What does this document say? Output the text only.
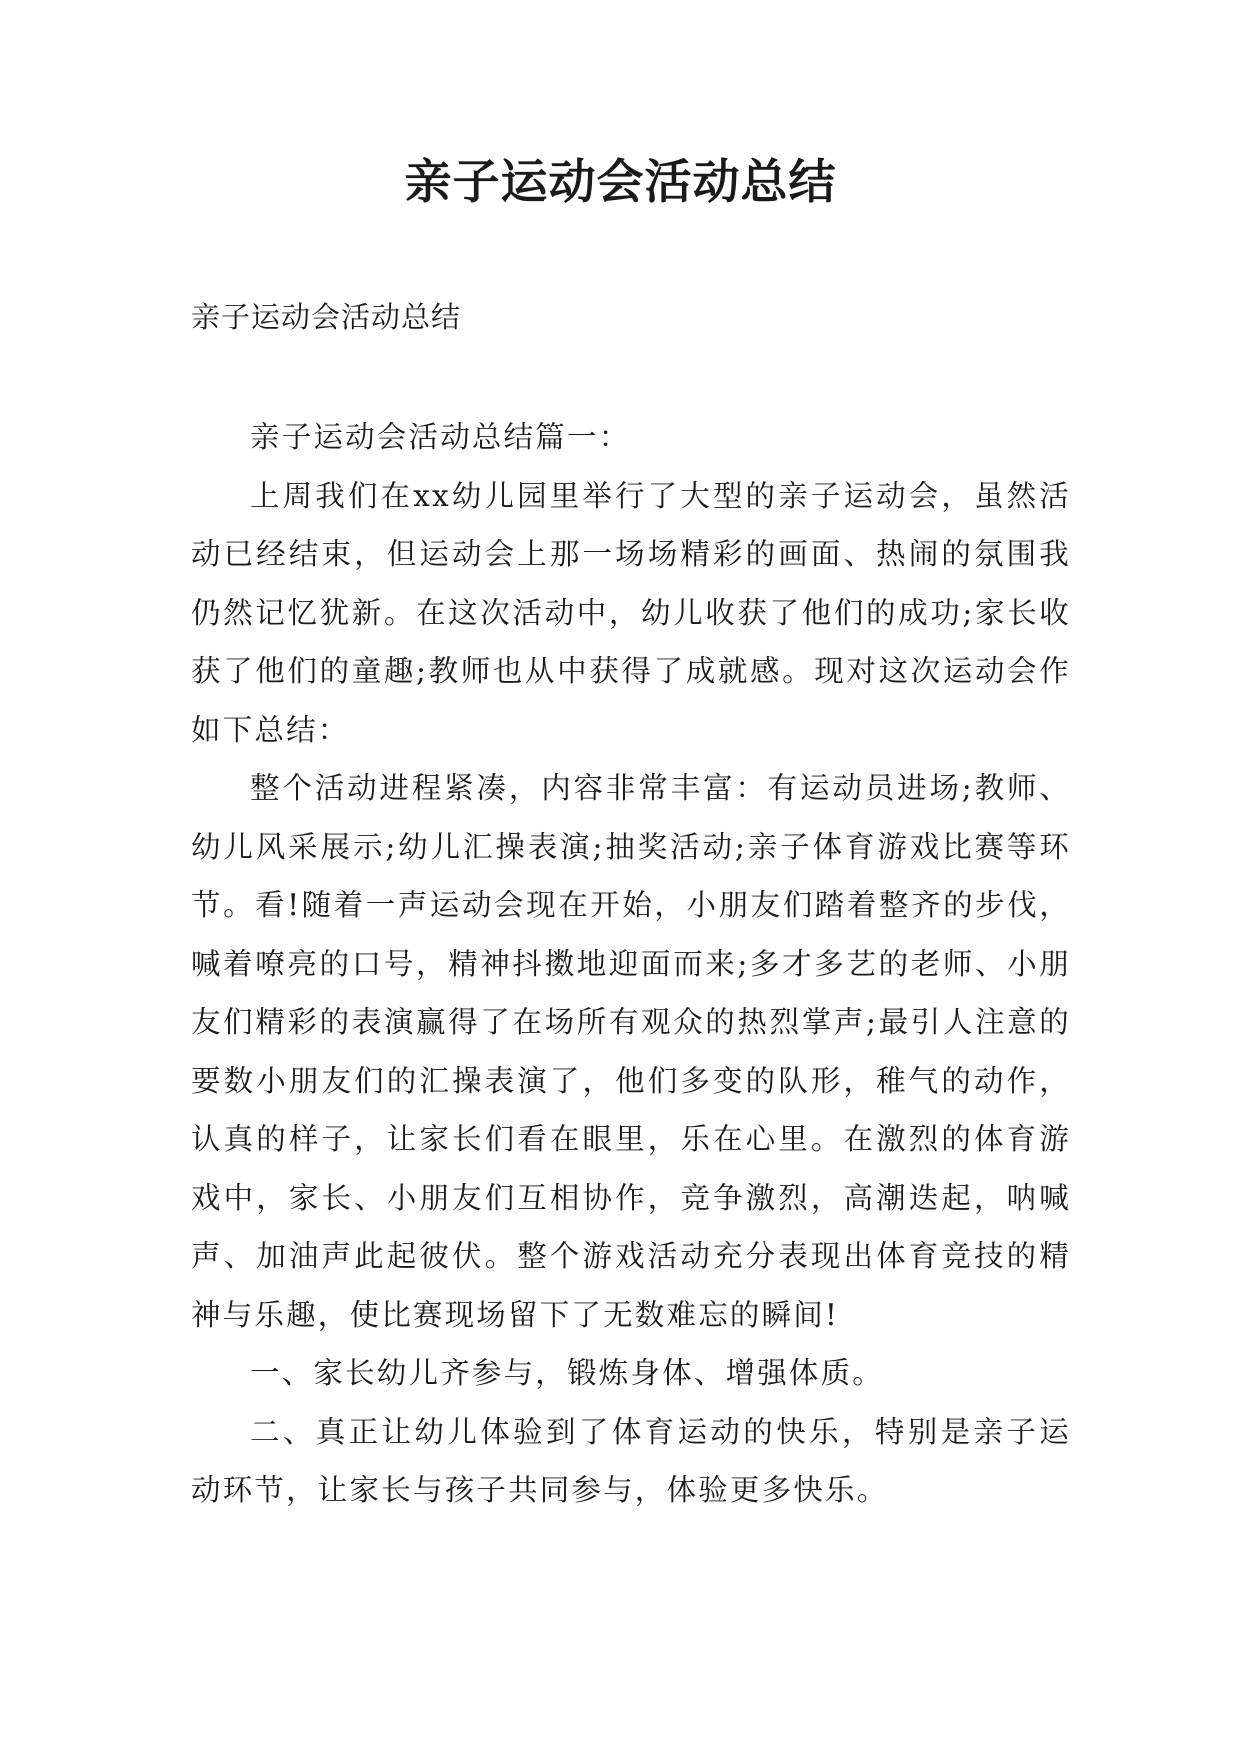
亲子运动会活动总结

亲子运动会活动总结

亲子运动会活动总结篇一：

上周我们在xx幼儿园里举行了大型的亲子运动会，虽然活动已经结束，但运动会上那一场场精彩的画面、热闹的氛围我仍然记忆犹新。在这次活动中，幼儿收获了他们的成功;家长收获了他们的童趣;教师也从中获得了成就感。现对这次运动会作如下总结：

整个活动进程紧凑，内容非常丰富：有运动员进场;教师、幼儿风采展示;幼儿汇操表演;抽奖活动;亲子体育游戏比赛等环节。看!随着一声运动会现在开始，小朋友们踏着整齐的步伐，喊着嘹亮的口号，精神抖擞地迎面而来;多才多艺的老师、小朋友们精彩的表演赢得了在场所有观众的热烈掌声;最引人注意的要数小朋友们的汇操表演了，他们多变的队形，稚气的动作，认真的样子，让家长们看在眼里，乐在心里。在激烈的体育游戏中，家长、小朋友们互相协作，竞争激烈，高潮迭起，呐喊声、加油声此起彼伏。整个游戏活动充分表现出体育竞技的精神与乐趣，使比赛现场留下了无数难忘的瞬间!

一、家长幼儿齐参与，锻炼身体、增强体质。

二、真正让幼儿体验到了体育运动的快乐，特别是亲子运动环节，让家长与孩子共同参与，体验更多快乐。
